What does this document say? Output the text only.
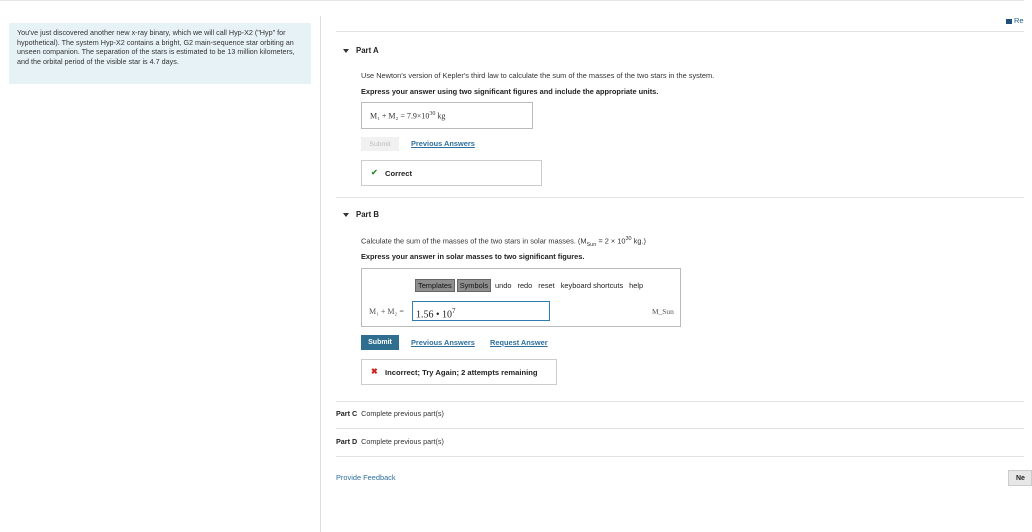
You've just discovered another new x-ray binary, which we will call Hyp-X2 ("Hyp" for hypothetical). The system Hyp-X2 contains a bright, G2 main-sequence star orbiting an unseen companion. The separation of the stars is estimated to be 13 million kilometers, and the orbital period of the visible star is 4.7 days.
Re
Part A
Use Newton's version of Kepler's third law to calculate the sum of the masses of the two stars in the system.
Express your answer using two significant figures and include the appropriate units.
$M_1 + M_2 = 7.9\times 10^{30}$ kg
Submit	Previous Answers
✔ Correct
Part B
Calculate the sum of the masses of the two stars in solar masses. ($M_{Sun} = 2 \times 10^{30}$ kg.)
Express your answer in solar masses to two significant figures.
Templates Symbols undo redo reset keyboard shortcuts help
M₁ + M₂ =	1.56 • $10^7$	M_Sun
Submit	Previous Answers Request Answer
✖ Incorrect; Try Again; 2 attempts remaining
Part C Complete previous part(s)
Part D Complete previous part(s)
Provide Feedback	Ne
